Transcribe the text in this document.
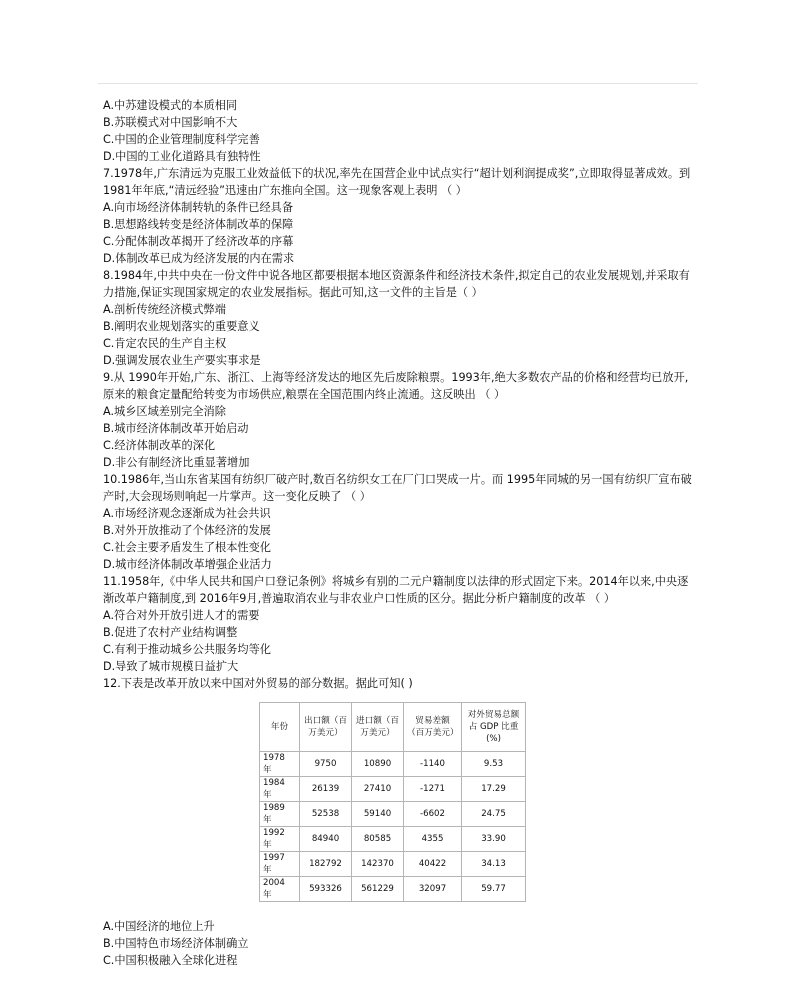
A.中苏建设模式的本质相同
B.苏联模式对中国影响不大
C.中国的企业管理制度科学完善
D.中国的工业化道路具有独特性
7.1978年,广东清远为克服工业效益低下的状况,率先在国营企业中试点实行“超计划利润提成奖”,立即取得显著成效。到1981年年底,“清远经验”迅速由广东推向全国。这一现象客观上表明 （ ）
A.向市场经济体制转轨的条件已经具备
B.思想路线转变是经济体制改革的保障
C.分配体制改革揭开了经济改革的序幕
D.体制改革已成为经济发展的内在需求
8.1984年,中共中央在一份文件中说各地区都要根据本地区资源条件和经济技术条件,拟定自己的农业发展规划,并采取有力措施,保证实现国家规定的农业发展指标。据此可知,这一文件的主旨是（ ）
A.剖析传统经济模式弊端
B.阐明农业规划落实的重要意义
C.肯定农民的生产自主权
D.强调发展农业生产要实事求是
9.从 1990年开始,广东、浙江、上海等经济发达的地区先后废除粮票。1993年,绝大多数农产品的价格和经营均已放开,原来的粮食定量配给转变为市场供应,粮票在全国范围内终止流通。这反映出 （ ）
A.城乡区域差别完全消除
B.城市经济体制改革开始启动
C.经济体制改革的深化
D.非公有制经济比重显著增加
10.1986年,当山东省某国有纺织厂破产时,数百名纺织女工在厂门口哭成一片。而 1995年同城的另一国有纺织厂宣布破产时,大会现场则响起一片掌声。这一变化反映了 （ ）
A.市场经济观念逐渐成为社会共识
B.对外开放推动了个体经济的发展
C.社会主要矛盾发生了根本性变化
D.城市经济体制改革增强企业活力
11.1958年,《中华人民共和国户口登记条例》将城乡有别的二元户籍制度以法律的形式固定下来。2014年以来,中央逐渐改革户籍制度,到 2016年9月,普遍取消农业与非农业户口性质的区分。据此分析户籍制度的改革 （ ）
A.符合对外开放引进人才的需要
B.促进了农村产业结构调整
C.有利于推动城乡公共服务均等化
D.导致了城市规模日益扩大
12.下表是改革开放以来中国对外贸易的部分数据。据此可知( )
年份	出口额（百万美元）	进口额（百万美元）	贸易差额（百万美元）	对外贸易总额占 GDP 比重 (%)
1978 年	9750	10890	-1140	9.53
1984 年	26139	27410	-1271	17.29
1989 年	52538	59140	-6602	24.75
1992 年	84940	80585	4355	33.90
1997 年	182792	142370	40422	34.13
2004 年	593326	561229	32097	59.77
A.中国经济的地位上升
B.中国特色市场经济体制确立
C.中国积极融入全球化进程
